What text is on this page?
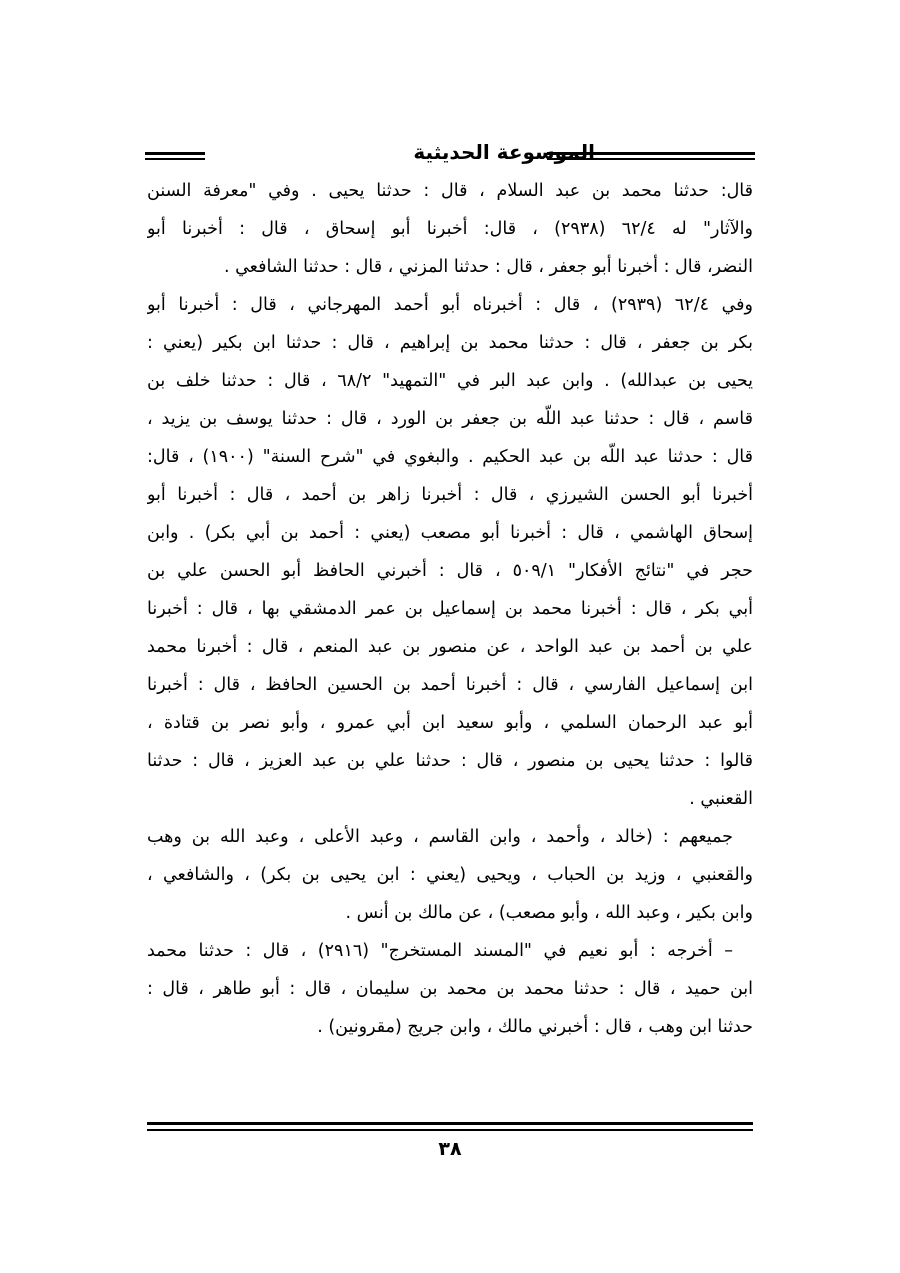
الموسوعة الحديثية
قال: حدثنا محمد بن عبد السلام ، قال : حدثنا يحيى . وفي "معرفة السنن
والآثار" له ٦٢/٤ (٢٩٣٨) ، قال: أخبرنا أبو إسحاق ، قال : أخبرنا أبو
النضر، قال : أخبرنا أبو جعفر ، قال : حدثنا المزني ، قال : حدثنا الشافعي .
وفي ٦٢/٤ (٢٩٣٩) ، قال : أخبرناه أبو أحمد المهرجاني ، قال : أخبرنا أبو
بكر بن جعفر ، قال : حدثنا محمد بن إبراهيم ، قال : حدثنا ابن بكير (يعني :
يحيى بن عبدالله) . وابن عبد البر في "التمهيد" ٦٨/٢ ، قال : حدثنا خلف بن
قاسم ، قال : حدثنا عبد اللّه بن جعفر بن الورد ، قال : حدثنا يوسف بن يزيد ،
قال : حدثنا عبد اللّه بن عبد الحكيم . والبغوي في "شرح السنة" (١٩٠٠) ، قال:
أخبرنا أبو الحسن الشيرزي ، قال : أخبرنا زاهر بن أحمد ، قال : أخبرنا أبو
إسحاق الهاشمي ، قال : أخبرنا أبو مصعب (يعني : أحمد بن أبي بكر) . وابن
حجر في "نتائج الأفكار" ٥٠٩/١ ، قال : أخبرني الحافظ أبو الحسن علي بن
أبي بكر ، قال : أخبرنا محمد بن إسماعيل بن عمر الدمشقي بها ، قال : أخبرنا
علي بن أحمد بن عبد الواحد ، عن منصور بن عبد المنعم ، قال : أخبرنا محمد
ابن إسماعيل الفارسي ، قال : أخبرنا أحمد بن الحسين الحافظ ، قال : أخبرنا
أبو عبد الرحمان السلمي ، وأبو سعيد ابن أبي عمرو ، وأبو نصر بن قتادة ،
قالوا : حدثنا يحيى بن منصور ، قال : حدثنا علي بن عبد العزيز ، قال : حدثنا
القعنبي .
جميعهم : (خالد ، وأحمد ، وابن القاسم ، وعبد الأعلى ، وعبد الله بن وهب
والقعنبي ، وزيد بن الحباب ، ويحيى (يعني : ابن يحيى بن بكر) ، والشافعي ،
وابن بكير ، وعبد الله ، وأبو مصعب) ، عن مالك بن أنس .
– أخرجه : أبو نعيم في "المسند المستخرج" (٢٩١٦) ، قال : حدثنا محمد
ابن حميد ، قال : حدثنا محمد بن محمد بن سليمان ، قال : أبو طاهر ، قال :
حدثنا ابن وهب ، قال : أخبرني مالك ، وابن جريج (مقرونين) .
٣٨
